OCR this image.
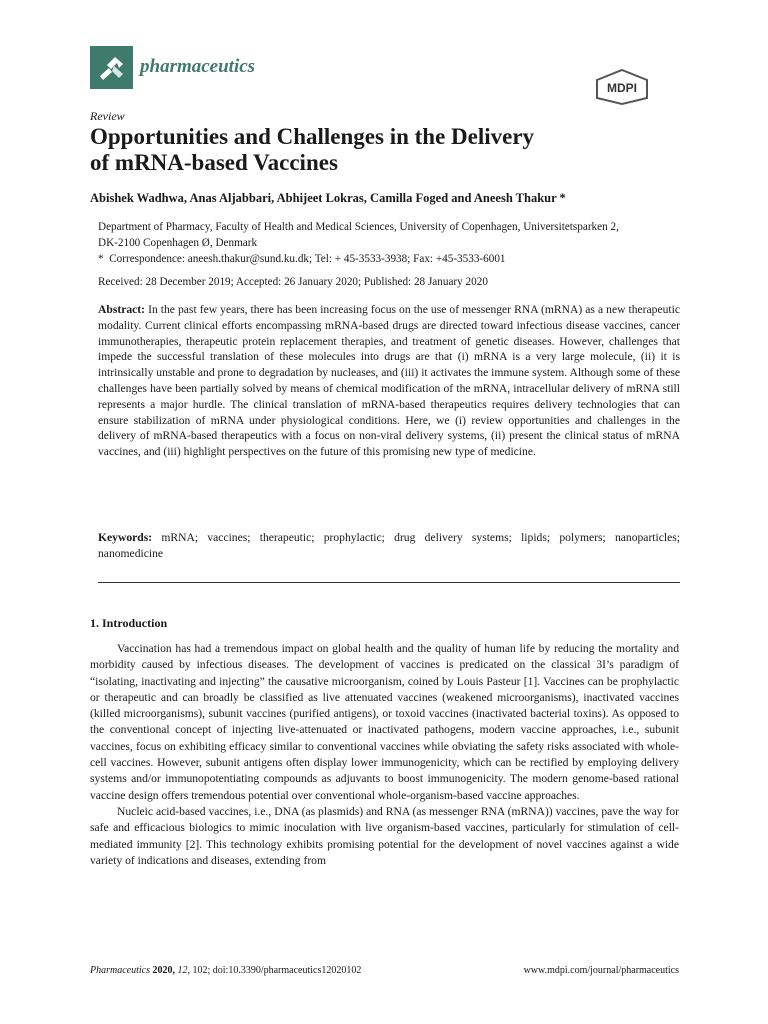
pharmaceutics
MDPI
Review
Opportunities and Challenges in the Delivery
of mRNA-based Vaccines
Abishek Wadhwa, Anas Aljabbari, Abhijeet Lokras, Camilla Foged and Aneesh Thakur *
Department of Pharmacy, Faculty of Health and Medical Sciences, University of Copenhagen, Universitetsparken 2,
DK-2100 Copenhagen Ø, Denmark
* Correspondence: aneesh.thakur@sund.ku.dk; Tel: + 45-3533-3938; Fax: +45-3533-6001
Received: 28 December 2019; Accepted: 26 January 2020; Published: 28 January 2020

Abstract: In the past few years, there has been increasing focus on the use of messenger RNA (mRNA) as a new therapeutic modality. Current clinical efforts encompassing mRNA-based drugs are directed toward infectious disease vaccines, cancer immunotherapies, therapeutic protein replacement therapies, and treatment of genetic diseases. However, challenges that impede the successful translation of these molecules into drugs are that (i) mRNA is a very large molecule, (ii) it is intrinsically unstable and prone to degradation by nucleases, and (iii) it activates the immune system. Although some of these challenges have been partially solved by means of chemical modification of the mRNA, intracellular delivery of mRNA still represents a major hurdle. The clinical translation of mRNA-based therapeutics requires delivery technologies that can ensure stabilization of mRNA under physiological conditions. Here, we (i) review opportunities and challenges in the delivery of mRNA-based therapeutics with a focus on non-viral delivery systems, (ii) present the clinical status of mRNA vaccines, and (iii) highlight perspectives on the future of this promising new type of medicine.

Keywords: mRNA; vaccines; therapeutic; prophylactic; drug delivery systems; lipids; polymers; nanoparticles; nanomedicine

1. Introduction

Vaccination has had a tremendous impact on global health and the quality of human life by reducing the mortality and morbidity caused by infectious diseases. The development of vaccines is predicated on the classical 3I’s paradigm of “isolating, inactivating and injecting” the causative microorganism, coined by Louis Pasteur [1]. Vaccines can be prophylactic or therapeutic and can broadly be classified as live attenuated vaccines (weakened microorganisms), inactivated vaccines (killed microorganisms), subunit vaccines (purified antigens), or toxoid vaccines (inactivated bacterial toxins). As opposed to the conventional concept of injecting live-attenuated or inactivated pathogens, modern vaccine approaches, i.e., subunit vaccines, focus on exhibiting efficacy similar to conventional vaccines while obviating the safety risks associated with whole-cell vaccines. However, subunit antigens often display lower immunogenicity, which can be rectified by employing delivery systems and/or immunopotentiating compounds as adjuvants to boost immunogenicity. The modern genome-based rational vaccine design offers tremendous potential over conventional whole-organism-based vaccine approaches.

Nucleic acid-based vaccines, i.e., DNA (as plasmids) and RNA (as messenger RNA (mRNA)) vaccines, pave the way for safe and efficacious biologics to mimic inoculation with live organism-based vaccines, particularly for stimulation of cell-mediated immunity [2]. This technology exhibits promising potential for the development of novel vaccines against a wide variety of indications and diseases, extending from

Pharmaceutics 2020, 12, 102; doi:10.3390/pharmaceutics12020102	www.mdpi.com/journal/pharmaceutics
